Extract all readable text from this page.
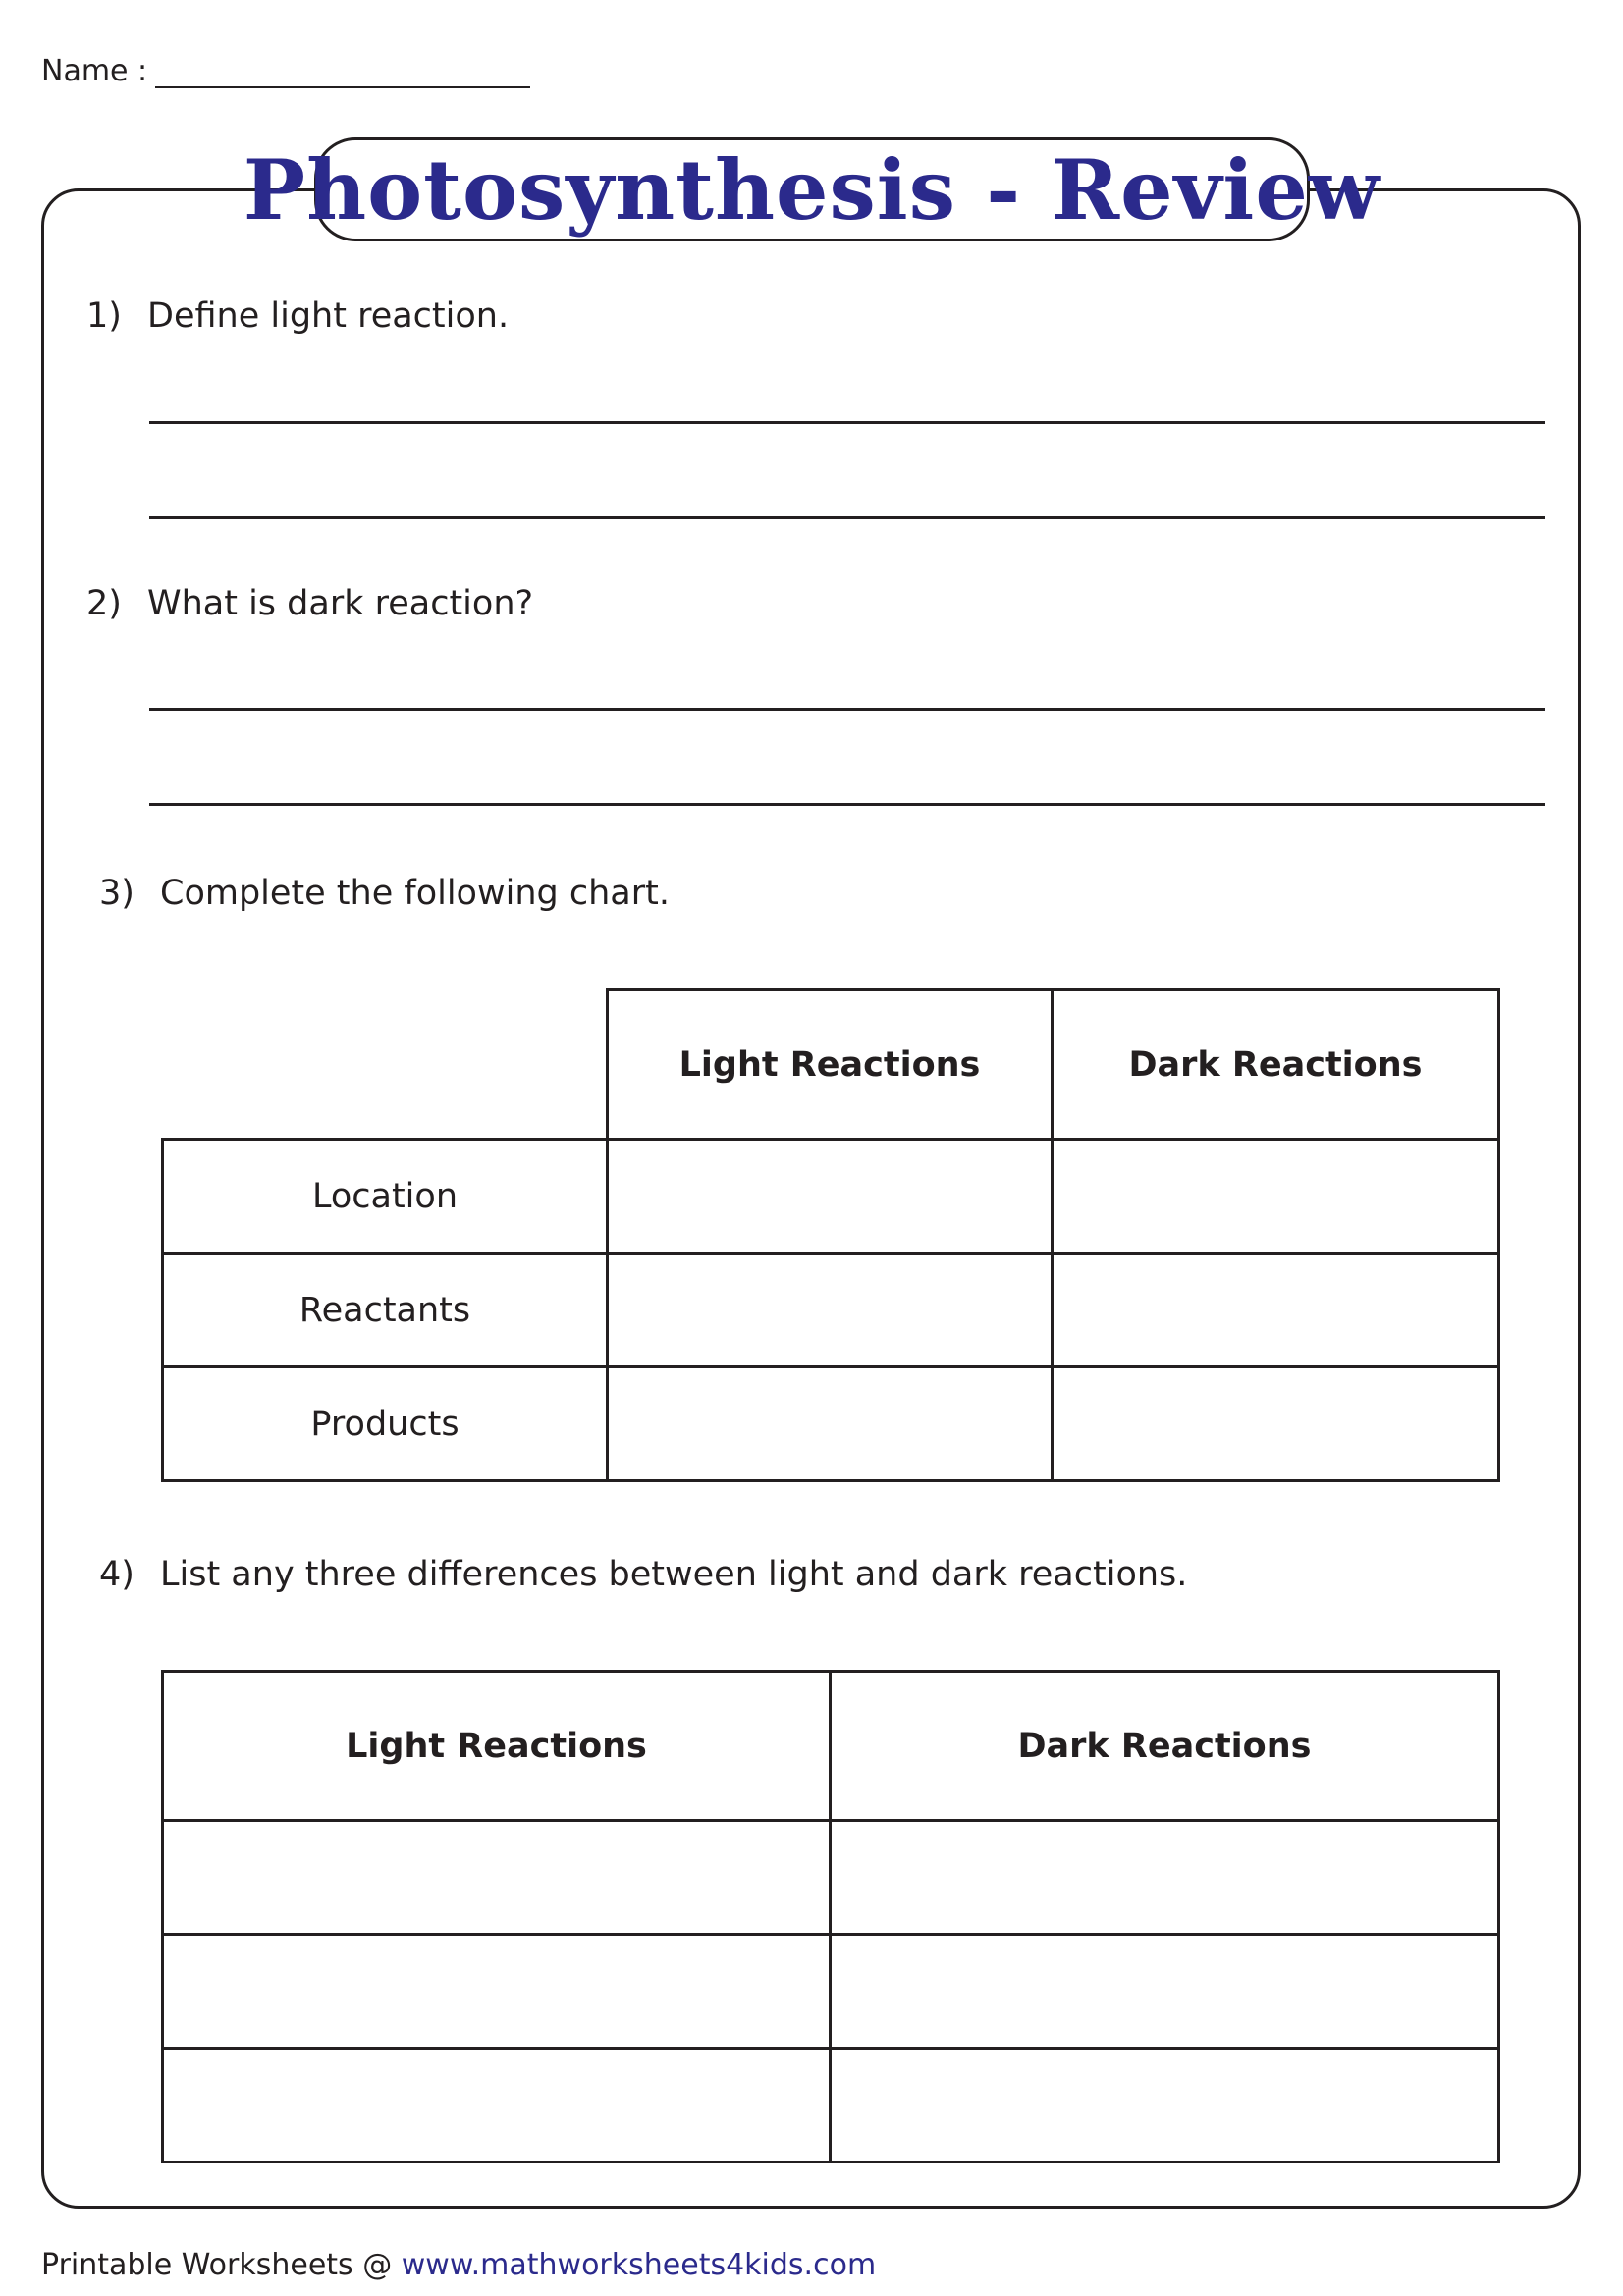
Name :
Photosynthesis - Review
1) Define light reaction.
2) What is dark reaction?
3) Complete the following chart.
	Light Reactions	Dark Reactions
Location		
Reactants		
Products		
4) List any three differences between light and dark reactions.
Light Reactions	Dark Reactions

Printable Worksheets @ www.mathworksheets4kids.com
